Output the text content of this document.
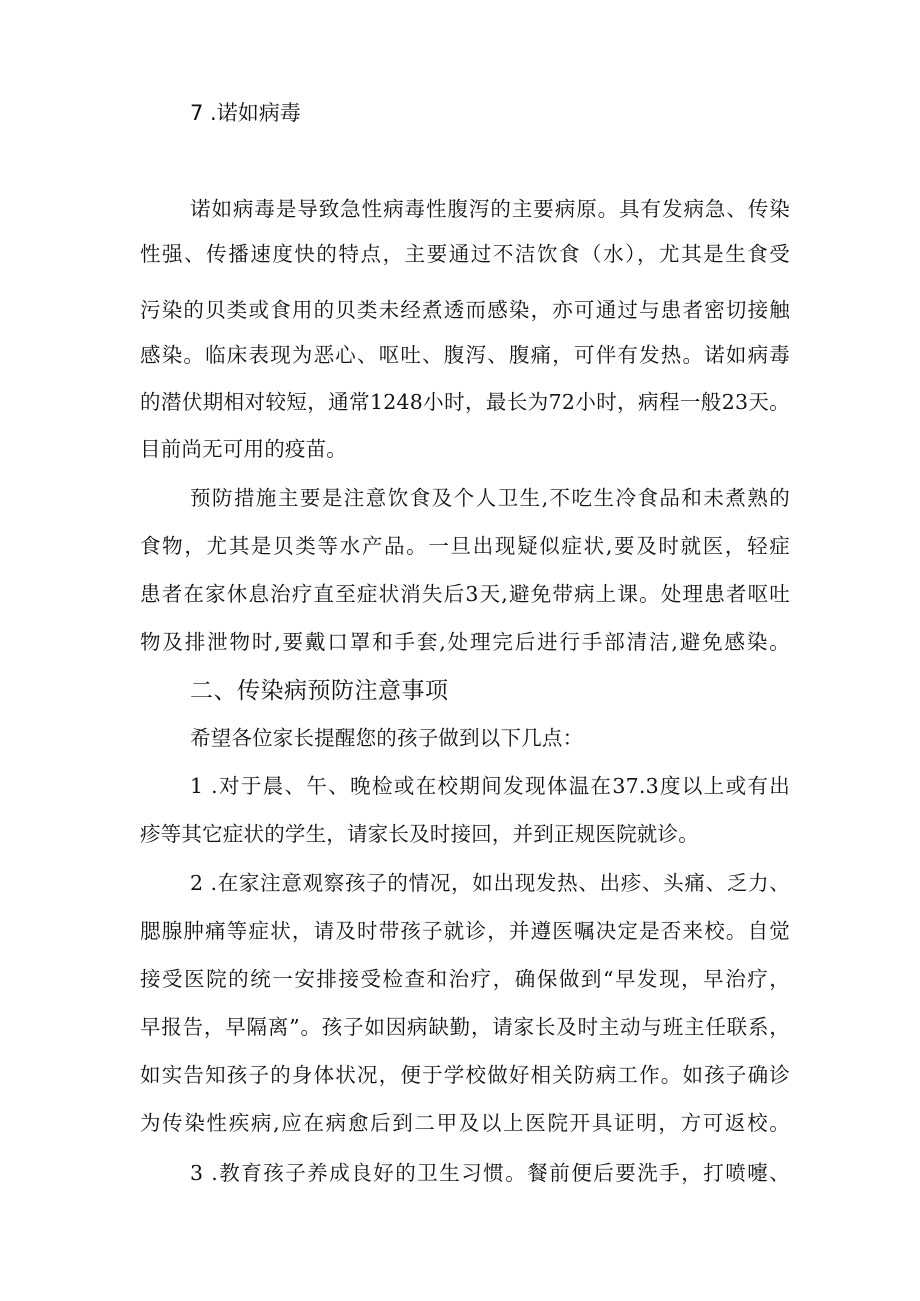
7 .诺如病毒
诺如病毒是导致急性病毒性腹泻的主要病原。具有发病急、传染
性强、传播速度快的特点，主要通过不洁饮食（水），尤其是生食受
污染的贝类或食用的贝类未经煮透而感染，亦可通过与患者密切接触
感染。临床表现为恶心、呕吐、腹泻、腹痛，可伴有发热。诺如病毒
的潜伏期相对较短，通常1248小时，最长为72小时，病程一般23天。
目前尚无可用的疫苗。
预防措施主要是注意饮食及个人卫生,不吃生冷食品和未煮熟的
食物，尤其是贝类等水产品。一旦出现疑似症状,要及时就医，轻症
患者在家休息治疗直至症状消失后3天,避免带病上课。处理患者呕吐
物及排泄物时,要戴口罩和手套,处理完后进行手部清洁,避免感染。
二、传染病预防注意事项
希望各位家长提醒您的孩子做到以下几点：
1 .对于晨、午、晚检或在校期间发现体温在37.3度以上或有出
疹等其它症状的学生，请家长及时接回，并到正规医院就诊。
2 .在家注意观察孩子的情况，如出现发热、出疹、头痛、乏力、
腮腺肿痛等症状，请及时带孩子就诊，并遵医嘱决定是否来校。自觉
接受医院的统一安排接受检查和治疗，确保做到“早发现，早治疗，
早报告，早隔离”。孩子如因病缺勤，请家长及时主动与班主任联系，
如实告知孩子的身体状况，便于学校做好相关防病工作。如孩子确诊
为传染性疾病,应在病愈后到二甲及以上医院开具证明，方可返校。
3 .教育孩子养成良好的卫生习惯。餐前便后要洗手，打喷嚏、
